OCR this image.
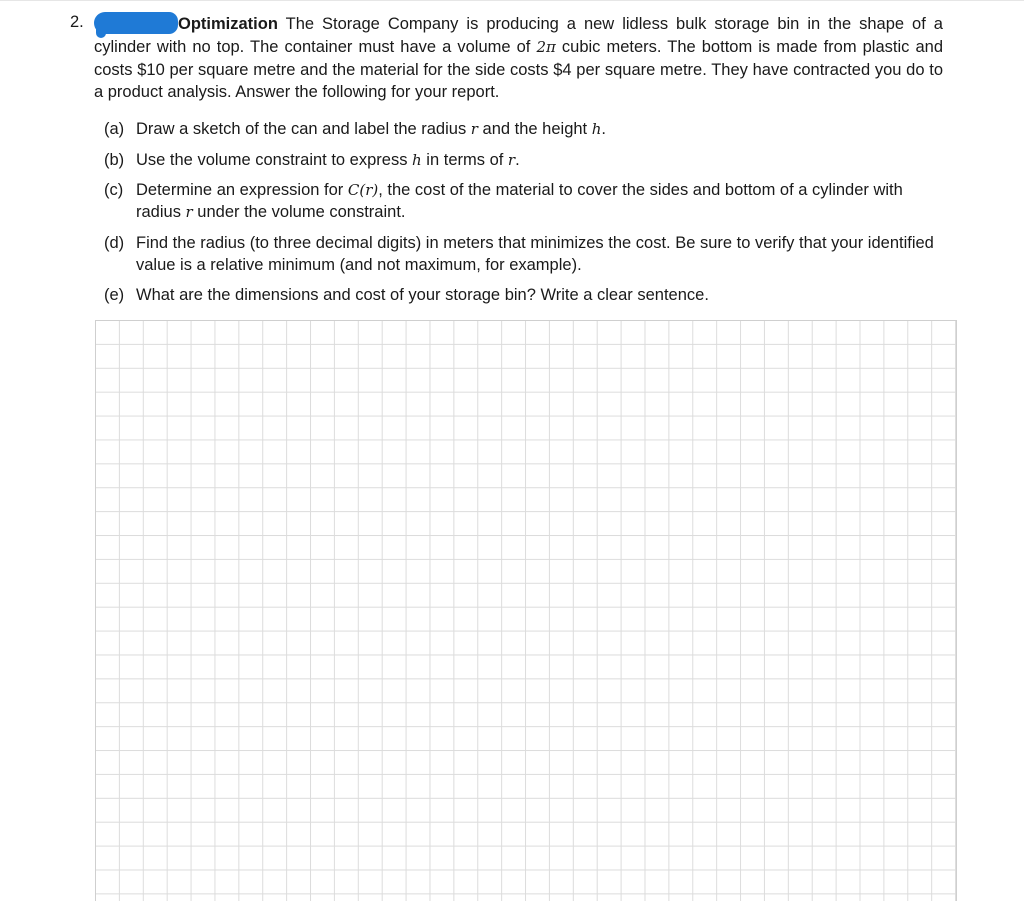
2.	Optimization The Storage Company is producing a new lidless bulk storage bin in the shape of a cylinder with no top. The container must have a volume of 2π cubic meters. The bottom is made from plastic and costs $10 per square metre and the material for the side costs $4 per square metre. They have contracted you do to a product analysis. Answer the following for your report.
(a) Draw a sketch of the can and label the radius r and the height h.
(b) Use the volume constraint to express h in terms of r.
(c) Determine an expression for C(r), the cost of the material to cover the sides and bottom of a cylinder with radius r under the volume constraint.
(d) Find the radius (to three decimal digits) in meters that minimizes the cost. Be sure to verify that your identified value is a relative minimum (and not maximum, for example).
(e) What are the dimensions and cost of your storage bin? Write a clear sentence.
